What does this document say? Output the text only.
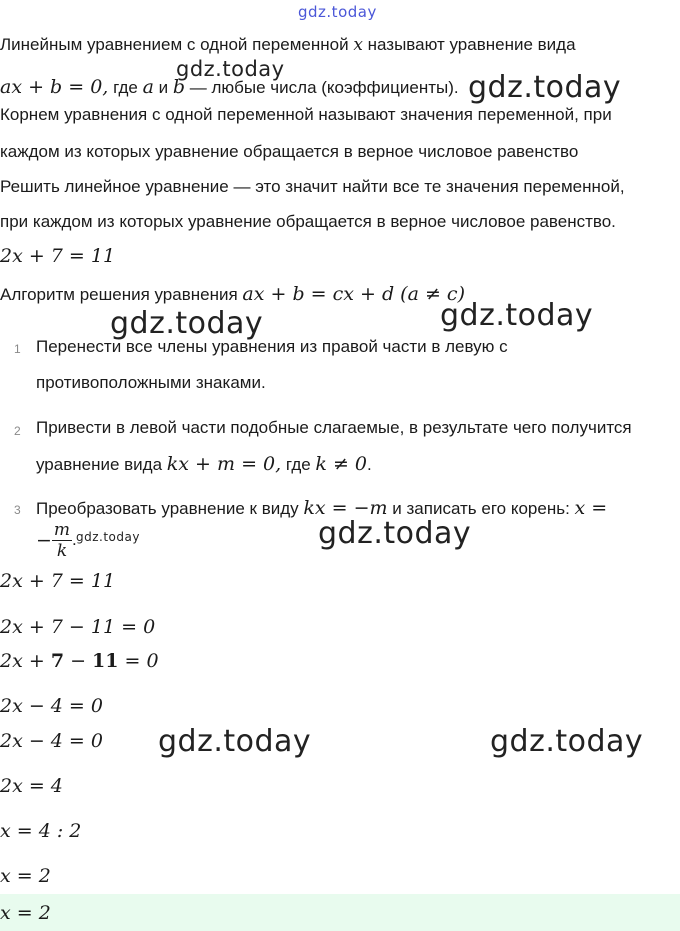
gdz.today
Линейным уравнением с одной переменной x называют уравнение вида
ax + b = 0, где a и b — любые числа (коэффициенты).
gdz.today
gdz.today
Корнем уравнения с одной переменной называют значения переменной, при
каждом из которых уравнение обращается в верное числовое равенство
Решить линейное уравнение — это значит найти все те значения переменной,
при каждом из которых уравнение обращается в верное числовое равенство.
2x + 7 = 11
Алгоритм решения уравнения ax + b = cx + d (a ≠ c)
gdz.today	gdz.today
1 Перенести все члены уравнения из правой части в левую с
противоположными знаками.
2 Привести в левой части подобные слагаемые, в результате чего получится
уравнение вида kx + m = 0, где k ≠ 0.
3 Преобразовать уравнение к виду kx = −m и записать его корень: x =
− $\frac{m}{k}$ . gdz.today	gdz.today
2x + 7 = 11
2x + 7 − 11 = 0
2x + 7 − 11 = 0
2x − 4 = 0
2x − 4 = 0 gdz.today	gdz.today
2x = 4
x = 4 : 2
x = 2
x = 2
